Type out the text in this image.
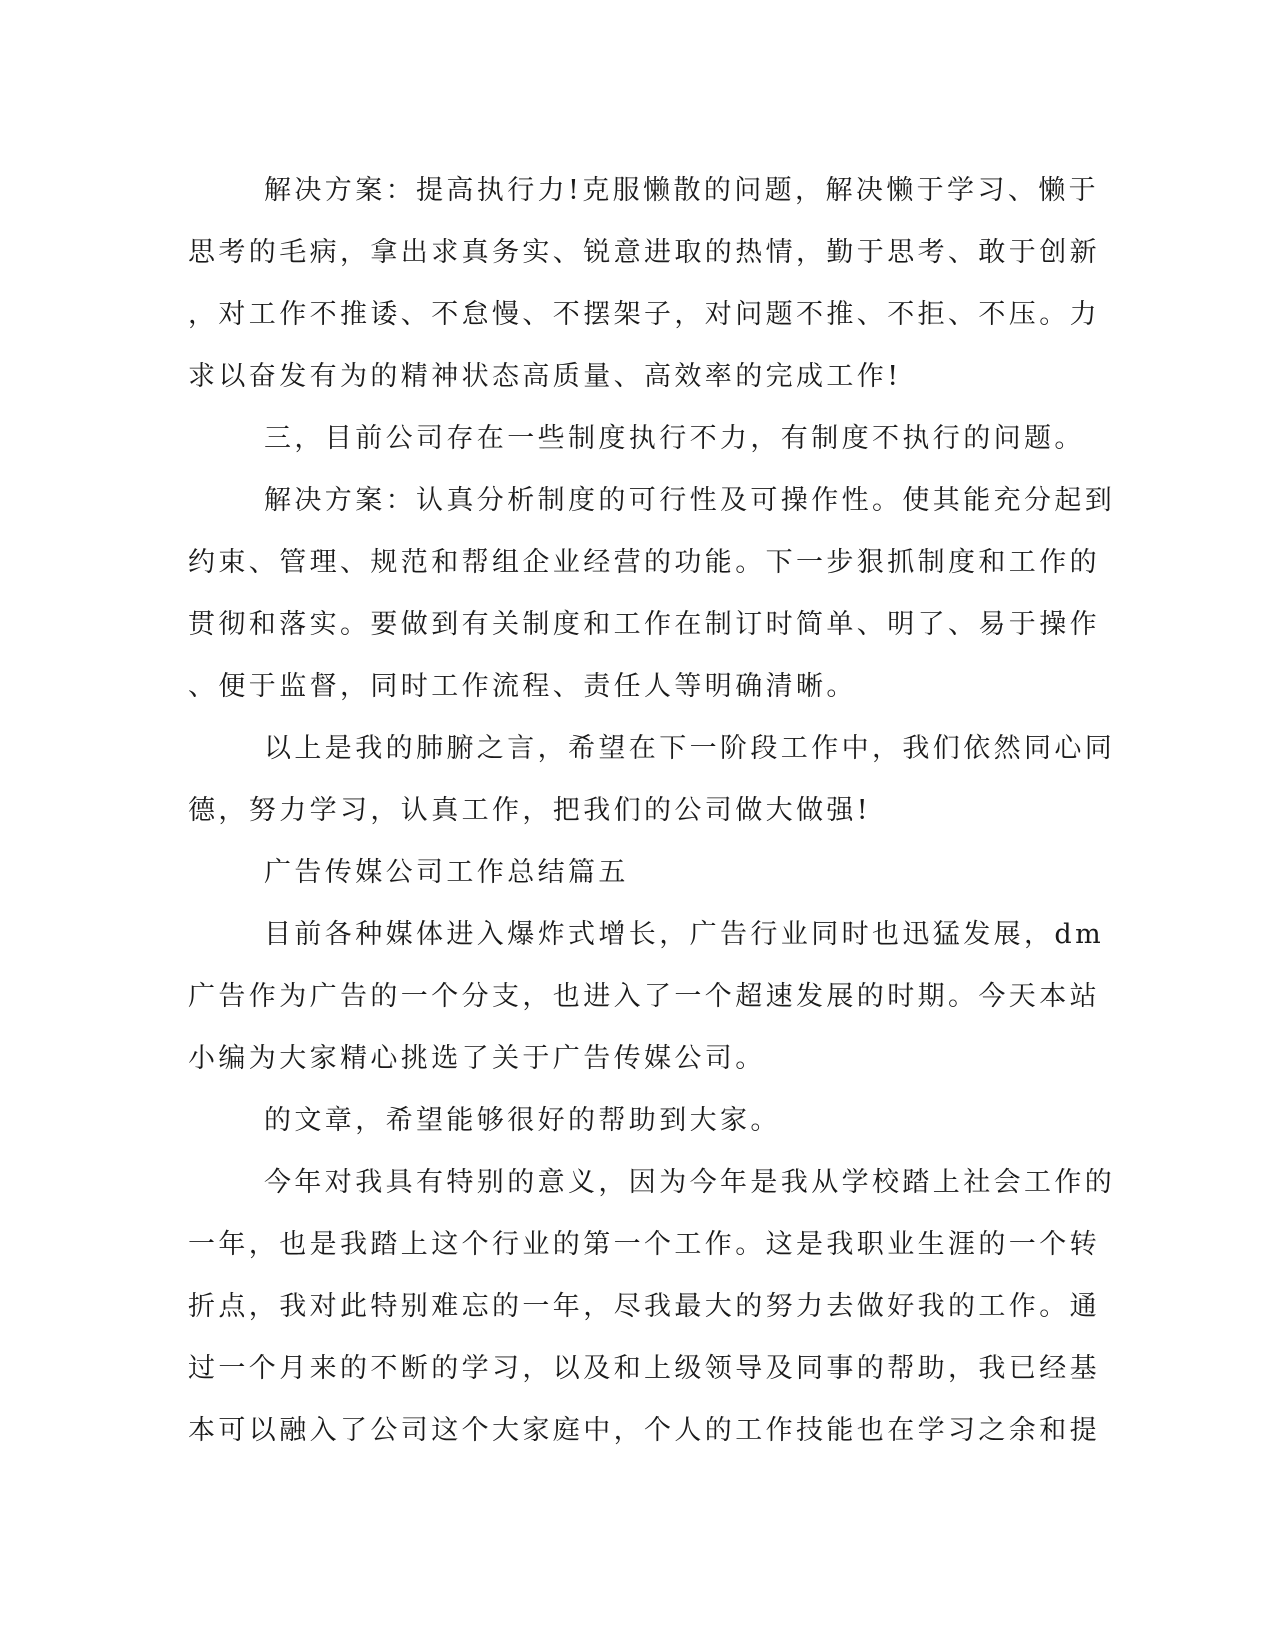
解决方案：提高执行力!克服懒散的问题，解决懒于学习、懒于
思考的毛病，拿出求真务实、锐意进取的热情，勤于思考、敢于创新
，对工作不推诿、不怠慢、不摆架子，对问题不推、不拒、不压。力
求以奋发有为的精神状态高质量、高效率的完成工作!
三，目前公司存在一些制度执行不力，有制度不执行的问题。
解决方案：认真分析制度的可行性及可操作性。使其能充分起到
约束、管理、规范和帮组企业经营的功能。下一步狠抓制度和工作的
贯彻和落实。要做到有关制度和工作在制订时简单、明了、易于操作
、便于监督，同时工作流程、责任人等明确清晰。
以上是我的肺腑之言，希望在下一阶段工作中，我们依然同心同
德，努力学习，认真工作，把我们的公司做大做强!
广告传媒公司工作总结篇五
目前各种媒体进入爆炸式增长，广告行业同时也迅猛发展，dm
广告作为广告的一个分支，也进入了一个超速发展的时期。今天本站
小编为大家精心挑选了关于广告传媒公司。
的文章，希望能够很好的帮助到大家。
今年对我具有特别的意义，因为今年是我从学校踏上社会工作的
一年，也是我踏上这个行业的第一个工作。这是我职业生涯的一个转
折点，我对此特别难忘的一年，尽我最大的努力去做好我的工作。通
过一个月来的不断的学习，以及和上级领导及同事的帮助，我已经基
本可以融入了公司这个大家庭中，个人的工作技能也在学习之余和提
